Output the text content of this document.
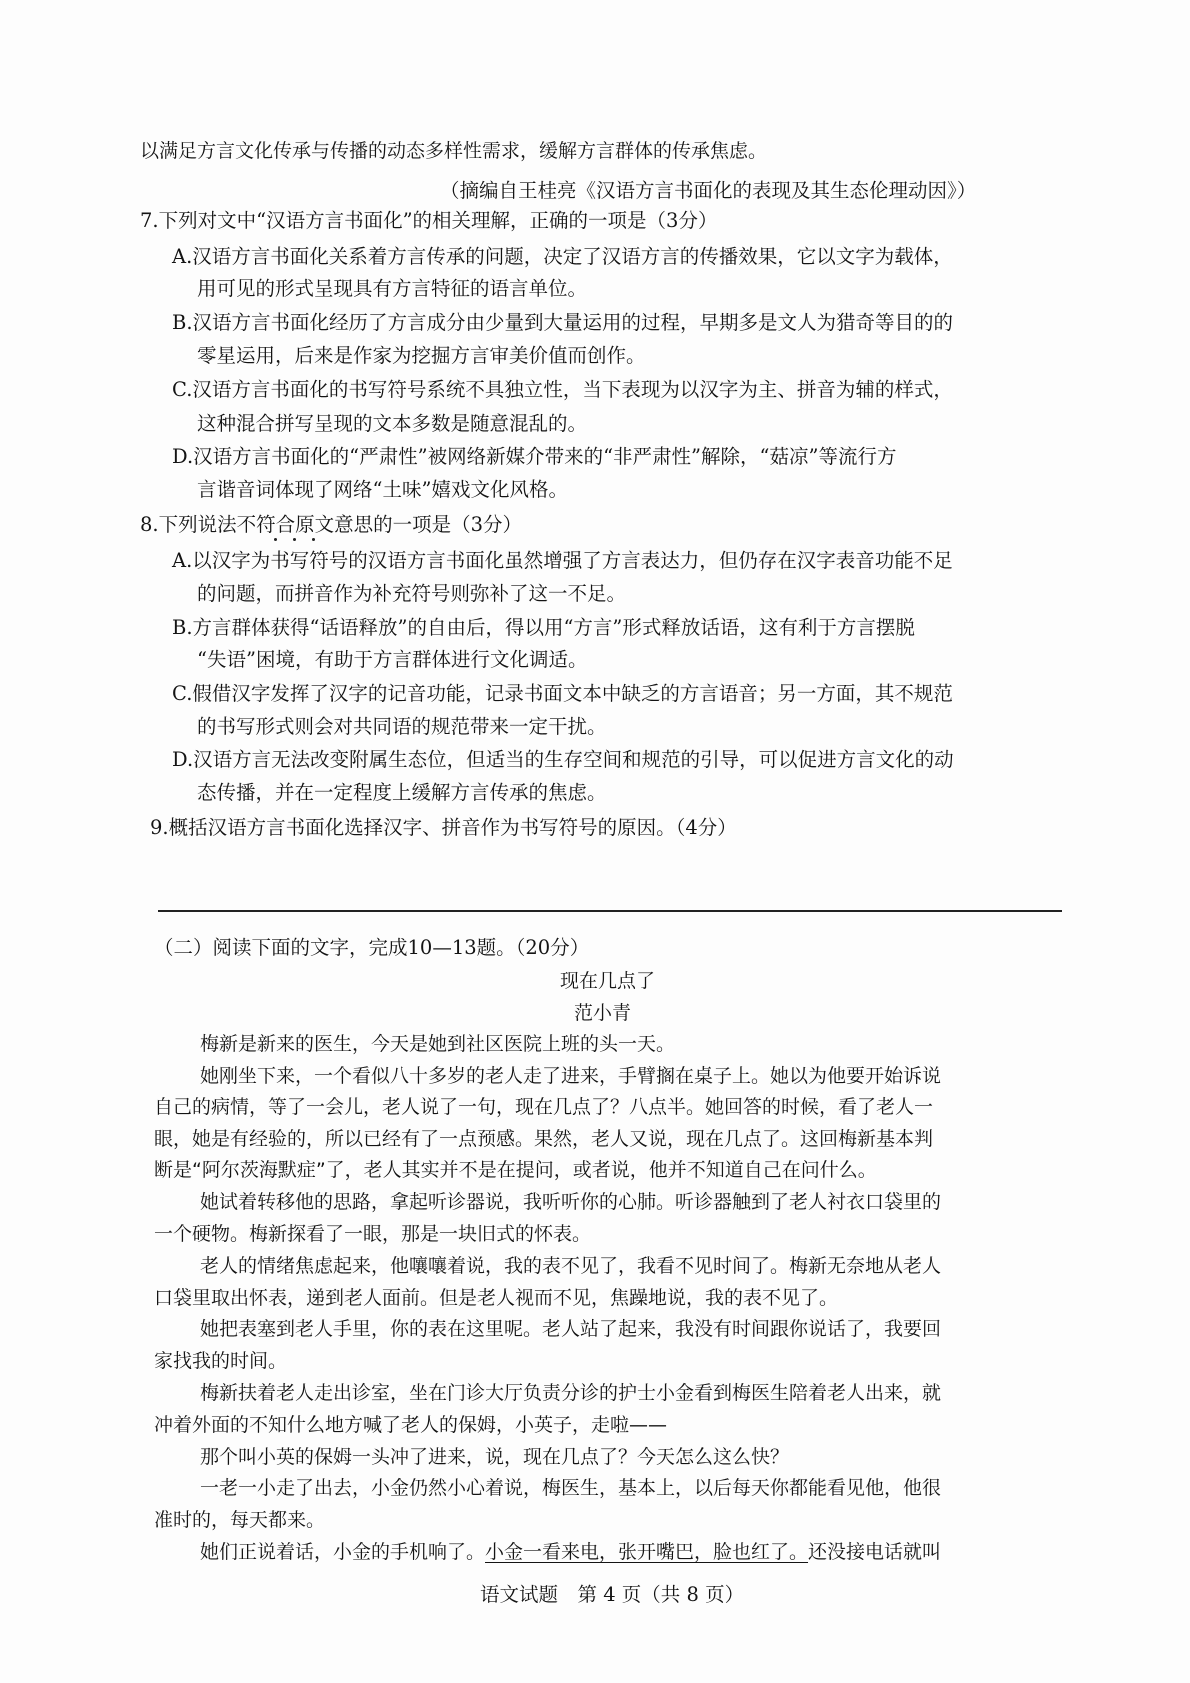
以满足方言文化传承与传播的动态多样性需求，缓解方言群体的传承焦虑。
（摘编自王桂亮《汉语方言书面化的表现及其生态伦理动因》）
7.下列对文中“汉语方言书面化”的相关理解，正确的一项是（3分）
A.汉语方言书面化关系着方言传承的问题，决定了汉语方言的传播效果，它以文字为载体，
用可见的形式呈现具有方言特征的语言单位。
B.汉语方言书面化经历了方言成分由少量到大量运用的过程，早期多是文人为猎奇等目的的
零星运用，后来是作家为挖掘方言审美价值而创作。
C.汉语方言书面化的书写符号系统不具独立性，当下表现为以汉字为主、拼音为辅的样式，
这种混合拼写呈现的文本多数是随意混乱的。
D.汉语方言书面化的“严肃性”被网络新媒介带来的“非严肃性”解除，“菇凉”等流行方
言谐音词体现了网络“土味”嬉戏文化风格。
8.下列说法不符合原文意思的一项是（3分）
A.以汉字为书写符号的汉语方言书面化虽然增强了方言表达力，但仍存在汉字表音功能不足
的问题，而拼音作为补充符号则弥补了这一不足。
B.方言群体获得“话语释放”的自由后，得以用“方言”形式释放话语，这有利于方言摆脱
“失语”困境，有助于方言群体进行文化调适。
C.假借汉字发挥了汉字的记音功能，记录书面文本中缺乏的方言语音；另一方面，其不规范
的书写形式则会对共同语的规范带来一定干扰。
D.汉语方言无法改变附属生态位，但适当的生存空间和规范的引导，可以促进方言文化的动
态传播，并在一定程度上缓解方言传承的焦虑。
9.概括汉语方言书面化选择汉字、拼音作为书写符号的原因。（4分）
（二）阅读下面的文字，完成10—13题。（20分）
现在几点了
范小青
梅新是新来的医生，今天是她到社区医院上班的头一天。
她刚坐下来，一个看似八十多岁的老人走了进来，手臂搁在桌子上。她以为他要开始诉说
自己的病情，等了一会儿，老人说了一句，现在几点了？八点半。她回答的时候，看了老人一
眼，她是有经验的，所以已经有了一点预感。果然，老人又说，现在几点了。这回梅新基本判
断是“阿尔茨海默症”了，老人其实并不是在提问，或者说，他并不知道自己在问什么。
她试着转移他的思路，拿起听诊器说，我听听你的心肺。听诊器触到了老人衬衣口袋里的
一个硬物。梅新探看了一眼，那是一块旧式的怀表。
老人的情绪焦虑起来，他嚷嚷着说，我的表不见了，我看不见时间了。梅新无奈地从老人
口袋里取出怀表，递到老人面前。但是老人视而不见，焦躁地说，我的表不见了。
她把表塞到老人手里，你的表在这里呢。老人站了起来，我没有时间跟你说话了，我要回
家找我的时间。
梅新扶着老人走出诊室，坐在门诊大厅负责分诊的护士小金看到梅医生陪着老人出来，就
冲着外面的不知什么地方喊了老人的保姆，小英子，走啦——
那个叫小英的保姆一头冲了进来，说，现在几点了？今天怎么这么快？
一老一小走了出去，小金仍然小心着说，梅医生，基本上，以后每天你都能看见他，他很
准时的，每天都来。
她们正说着话，小金的手机响了。小金一看来电，张开嘴巴，脸也红了。还没接电话就叫
语文试题　第 4 页（共 8 页）
